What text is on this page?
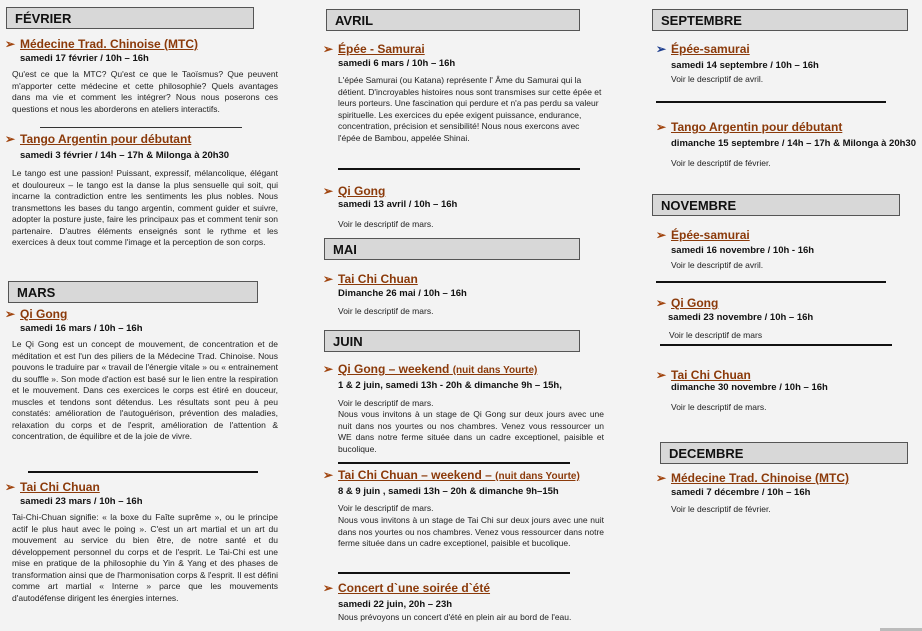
FÉVRIER
➢ Médecine Trad. Chinoise (MTC)
samedi 17 février / 10h – 16h
Qu'est ce que la MTC? Qu'est ce que le Taoïsmus? Que peuvent m'apporter cette médecine et cette philosophie? Quels avantages dans ma vie et comment les intégrer? Nous nous poserons ces questions et nous les aborderons en ateliers interactifs.
➢ Tango Argentin pour débutant
samedi 3 février / 14h – 17h & Milonga à 20h30
Le tango est une passion! Puissant, expressif, mélancolique, élégant et douloureux – le tango est la danse la plus sensuelle qui soit, qui incarne la contradiction entre les sentiments les plus nobles. Nous transmettons les bases du tango argentin, comment guider et suivre, adopter la posture juste, faire les principaux pas et comment tenir son partenaire. D'autres éléments enseignés sont le rythme et les exercices à deux tout comme l'image et la perception de son corps.
MARS
➢ Qi Gong
samedi 16 mars / 10h – 16h
Le Qi Gong est un concept de mouvement, de concentration et de méditation et est l'un des piliers de la Médecine Trad. Chinoise. Nous pouvons le traduire par « travail de l'énergie vitale » ou « entrainement du souffle ». Son mode d'action est basé sur le lien entre la respiration et le mouvement. Dans ces exercices le corps est étiré en douceur, muscles et tendons sont détendus. Les résultats sont peu à peu constatés: amélioration de l'autoguérison, prévention des maladies, relaxation du corps et de l'esprit, amélioration de l'attention & concentration, de équilibre et de la joie de vivre.
➢ Tai Chi Chuan
samedi 23 mars / 10h – 16h
Tai-Chi-Chuan signifie: « la boxe du Faîte suprême », ou le principe actif le plus haut avec le poing ». C'est un art martial et un art du mouvement au service du bien être, de notre santé et du développement personnel du corps et de l'esprit. Le Tai-Chi est une mise en pratique de la philosophie du Yin & Yang et des phases de transformation ainsi que de l'harmonisation corps & l'esprit. Il est défini comme art martial « Interne » parce que les mouvements d'autodéfense dirigent les énergies internes.
AVRIL
➢ Épée - Samurai
samedi 6 mars / 10h – 16h
L'épée Samurai (ou Katana) représente l' Âme du Samurai qui la détient. D'incroyables histoires nous sont transmises sur cette épée et leurs porteurs. Une fascination qui perdure et n'a pas perdu sa valeur spirituelle. Les exercices du epée exigent puissance, endurance, concentration, précision et sensibilité! Nous nous exercons avec l'épée de Bambou, appelée Shinai.
➢ Qi Gong
samedi 13 avril / 10h – 16h
Voir le descriptif de mars.
MAI
➢ Tai Chi Chuan
Dimanche 26 mai / 10h – 16h
Voir le descriptif de mars.
JUIN
➢ Qi Gong – weekend (nuit dans Yourte)
1 & 2 juin, samedi 13h - 20h & dimanche 9h – 15h,
Voir le descriptif de mars.
Nous vous invitons à un stage de Qi Gong sur deux jours avec une nuit dans nos yourtes ou nos chambres. Venez vous ressourcer un WE dans notre ferme située dans un cadre exceptionel, paisible et bucolique.
➢ Tai Chi Chuan – weekend – (nuit dans Yourte)
8 & 9 juin , samedi 13h – 20h & dimanche 9h–15h
Voir le descriptif de mars.
Nous vous invitons à un stage de Tai Chi sur deux jours avec une nuit dans nos yourtes ou nos chambres. Venez vous ressourcer dans notre ferme située dans un cadre exceptionel, paisible et bucolique.
➢ Concert d`une soirée d`été
samedi 22 juin, 20h – 23h
Nous prévoyons un concert d'été en plein air au bord de l'eau.
SEPTEMBRE
➢ Épée-samurai
samedi 14 septembre / 10h – 16h
Voir le descriptif de avril.
➢ Tango Argentin pour débutant
dimanche 15 septembre / 14h – 17h & Milonga à 20h30
Voir le descriptif de février.
NOVEMBRE
➢ Épée-samurai
samedi 16 novembre / 10h - 16h
Voir le descriptif de avril.
➢ Qi Gong
samedi 23 novembre / 10h – 16h
Voir le descriptif de mars
➢ Tai Chi Chuan
dimanche 30 novembre / 10h – 16h
Voir le descriptif de mars.
DECEMBRE
➢ Médecine Trad. Chinoise (MTC)
samedi 7 décembre / 10h – 16h
Voir le descriptif de février.
